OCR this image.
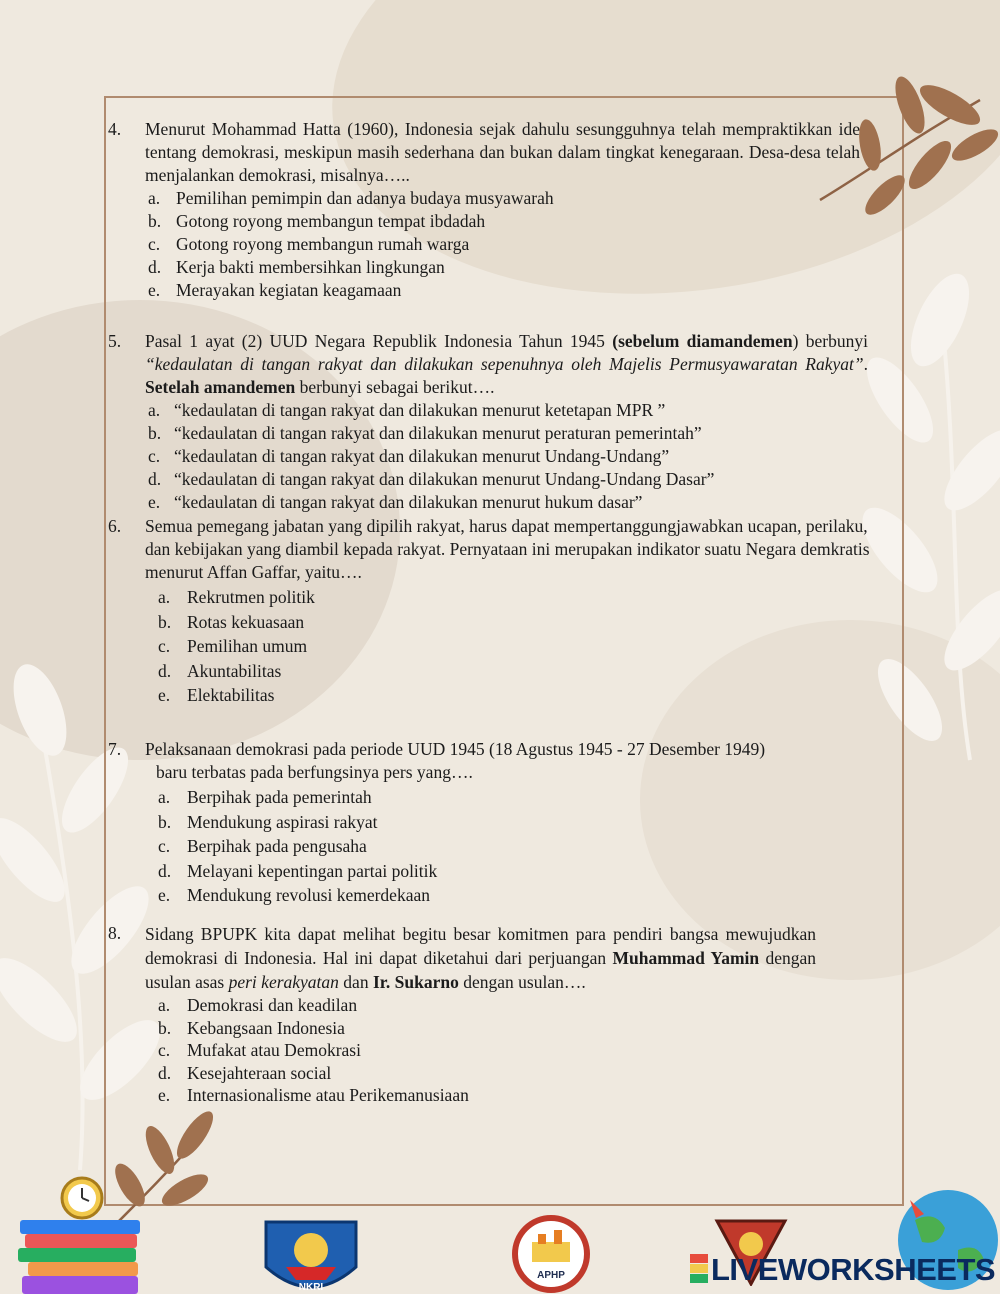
4.	Menurut Mohammad Hatta (1960), Indonesia sejak dahulu sesungguhnya telah mempraktikkan ide tentang demokrasi, meskipun masih sederhana dan bukan dalam tingkat kenegaraan. Desa-desa telah menjalankan demokrasi, misalnya…..
a. Pemilihan pemimpin dan adanya budaya musyawarah
b. Gotong royong membangun tempat ibdadah
c. Gotong royong membangun rumah warga
d. Kerja bakti membersihkan lingkungan
e. Merayakan kegiatan keagamaan
5.	Pasal 1 ayat (2) UUD Negara Republik Indonesia Tahun 1945 (sebelum diamandemen) berbunyi “kedaulatan di tangan rakyat dan dilakukan sepenuhnya oleh Majelis Permusyawaratan Rakyat”. Setelah amandemen berbunyi sebagai berikut….
a. “kedaulatan di tangan rakyat dan dilakukan menurut ketetapan MPR ”
b. “kedaulatan di tangan rakyat dan dilakukan menurut peraturan pemerintah”
c. “kedaulatan di tangan rakyat dan dilakukan menurut Undang-Undang”
d. “kedaulatan di tangan rakyat dan dilakukan menurut Undang-Undang Dasar”
e. “kedaulatan di tangan rakyat dan dilakukan menurut hukum dasar”
6.	Semua pemegang jabatan yang dipilih rakyat, harus dapat mempertanggungjawabkan ucapan, perilaku, dan kebijakan yang diambil kepada rakyat. Pernyataan ini merupakan indikator suatu Negara demkratis menurut Affan Gaffar, yaitu….
a. Rekrutmen politik
b. Rotas kekuasaan
c. Pemilihan umum
d. Akuntabilitas
e. Elektabilitas
7.	Pelaksanaan demokrasi pada periode UUD 1945 (18 Agustus 1945 - 27 Desember 1949)
baru terbatas pada berfungsinya pers yang….
a. Berpihak pada pemerintah
b. Mendukung aspirasi rakyat
c. Berpihak pada pengusaha
d. Melayani kepentingan partai politik
e. Mendukung revolusi kemerdekaan
8.	Sidang BPUPK kita dapat melihat begitu besar komitmen para pendiri bangsa mewujudkan demokrasi di Indonesia. Hal ini dapat diketahui dari perjuangan Muhammad Yamin dengan usulan asas peri kerakyatan dan Ir. Sukarno dengan usulan….
a. Demokrasi dan keadilan
b. Kebangsaan Indonesia
c. Mufakat atau Demokrasi
d. Kesejahteraan social
e. Internasionalisme atau Perikemanusiaan
NKRI
APHP	LIVEWORKSHEETS
